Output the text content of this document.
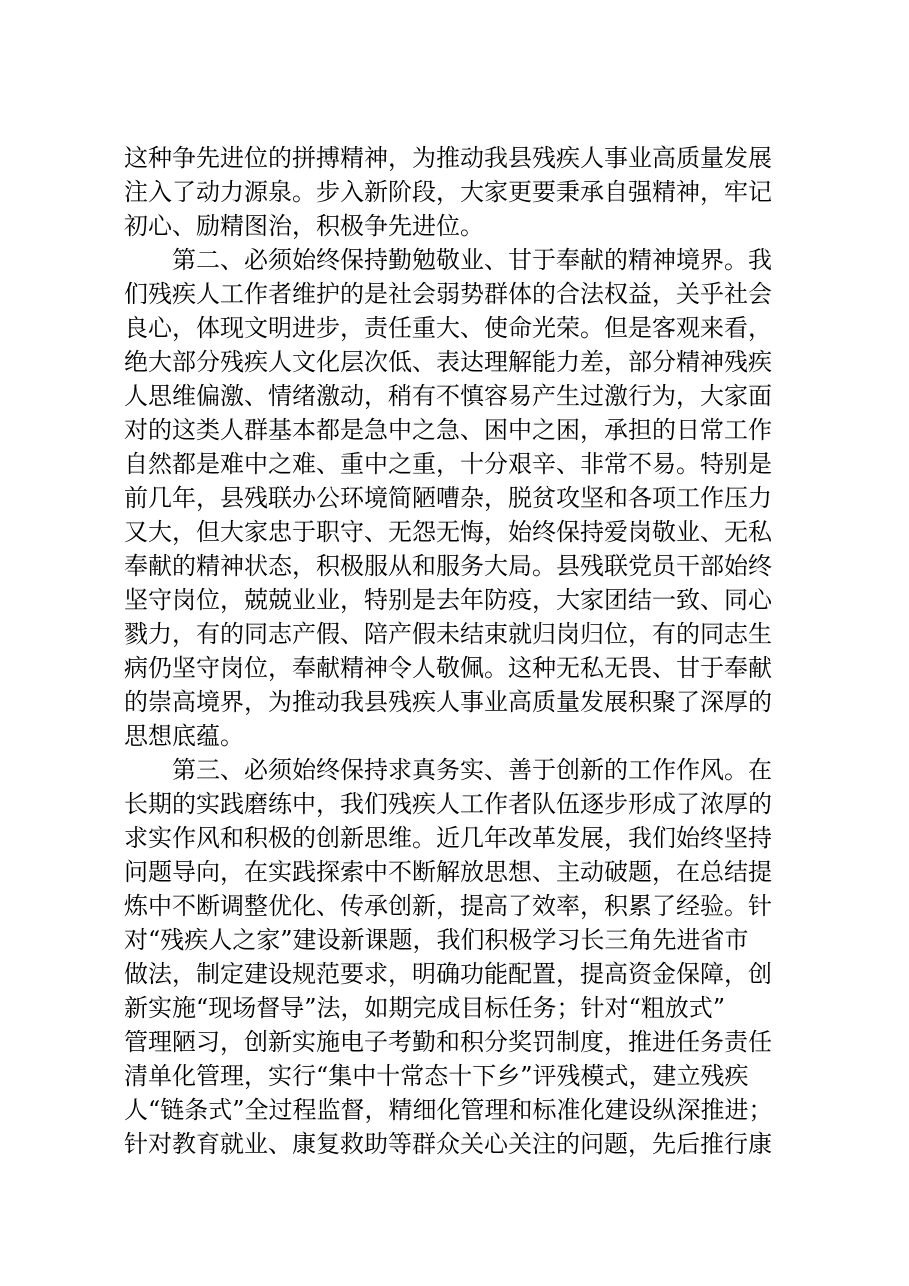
这种争先进位的拼搏精神，为推动我县残疾人事业高质量发展
注入了动力源泉。步入新阶段，大家更要秉承自强精神，牢记
初心、励精图治，积极争先进位。
第二、必须始终保持勤勉敬业、甘于奉献的精神境界。我
们残疾人工作者维护的是社会弱势群体的合法权益，关乎社会
良心，体现文明进步，责任重大、使命光荣。但是客观来看，
绝大部分残疾人文化层次低、表达理解能力差，部分精神残疾
人思维偏激、情绪激动，稍有不慎容易产生过激行为，大家面
对的这类人群基本都是急中之急、困中之困，承担的日常工作
自然都是难中之难、重中之重，十分艰辛、非常不易。特别是
前几年，县残联办公环境简陋嘈杂，脱贫攻坚和各项工作压力
又大，但大家忠于职守、无怨无悔，始终保持爱岗敬业、无私
奉献的精神状态，积极服从和服务大局。县残联党员干部始终
坚守岗位，兢兢业业，特别是去年防疫，大家团结一致、同心
戮力，有的同志产假、陪产假未结束就归岗归位，有的同志生
病仍坚守岗位，奉献精神令人敬佩。这种无私无畏、甘于奉献
的崇高境界，为推动我县残疾人事业高质量发展积聚了深厚的
思想底蕴。
第三、必须始终保持求真务实、善于创新的工作作风。在
长期的实践磨练中，我们残疾人工作者队伍逐步形成了浓厚的
求实作风和积极的创新思维。近几年改革发展，我们始终坚持
问题导向，在实践探索中不断解放思想、主动破题，在总结提
炼中不断调整优化、传承创新，提高了效率，积累了经验。针
对“残疾人之家”建设新课题，我们积极学习长三角先进省市
做法，制定建设规范要求，明确功能配置，提高资金保障，创
新实施“现场督导”法，如期完成目标任务；针对“粗放式”
管理陋习，创新实施电子考勤和积分奖罚制度，推进任务责任
清单化管理，实行“集中十常态十下乡”评残模式，建立残疾
人“链条式”全过程监督，精细化管理和标准化建设纵深推进；
针对教育就业、康复救助等群众关心关注的问题，先后推行康
